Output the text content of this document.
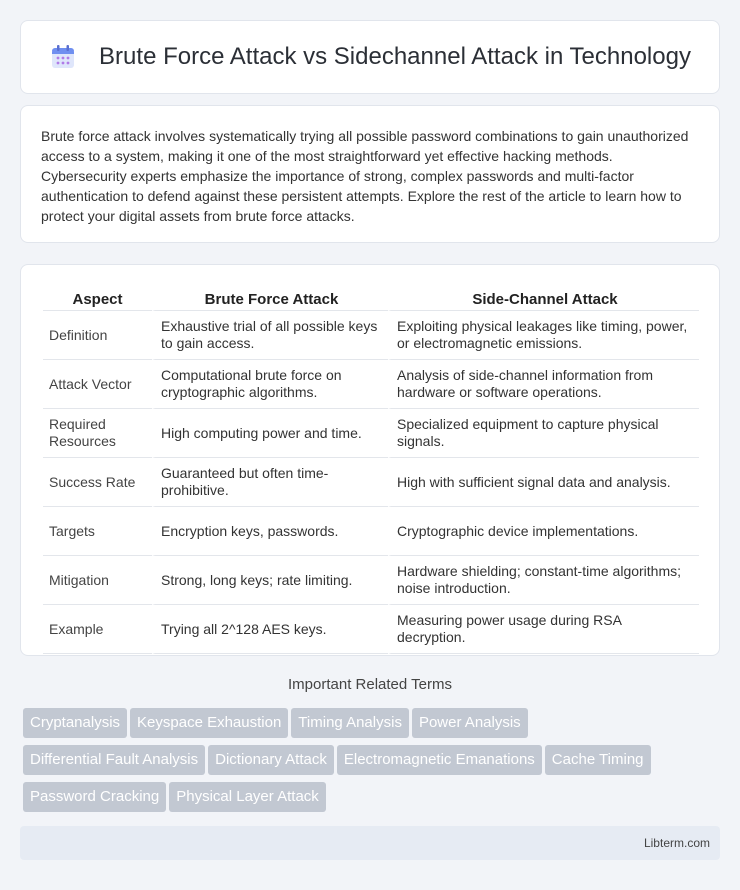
Brute Force Attack vs Sidechannel Attack in Technology

Brute force attack involves systematically trying all possible password combinations to gain unauthorized access to a system, making it one of the most straightforward yet effective hacking methods. Cybersecurity experts emphasize the importance of strong, complex passwords and multi-factor authentication to defend against these persistent attempts. Explore the rest of the article to learn how to protect your digital assets from brute force attacks.

Aspect	Brute Force Attack	Side-Channel Attack
Definition	Exhaustive trial of all possible keys to gain access.	Exploiting physical leakages like timing, power, or electromagnetic emissions.
Attack Vector	Computational brute force on cryptographic algorithms.	Analysis of side-channel information from hardware or software operations.
Required Resources	High computing power and time.	Specialized equipment to capture physical signals.
Success Rate	Guaranteed but often time-prohibitive.	High with sufficient signal data and analysis.
Targets	Encryption keys, passwords.	Cryptographic device implementations.
Mitigation	Strong, long keys; rate limiting.	Hardware shielding; constant-time algorithms; noise introduction.
Example	Trying all 2^128 AES keys.	Measuring power usage during RSA decryption.
Important Related Terms
Cryptanalysis Keyspace Exhaustion Timing Analysis Power Analysis
Differential Fault Analysis Dictionary Attack Electromagnetic Emanations Cache Timing
Password Cracking Physical Layer Attack
Libterm.com
